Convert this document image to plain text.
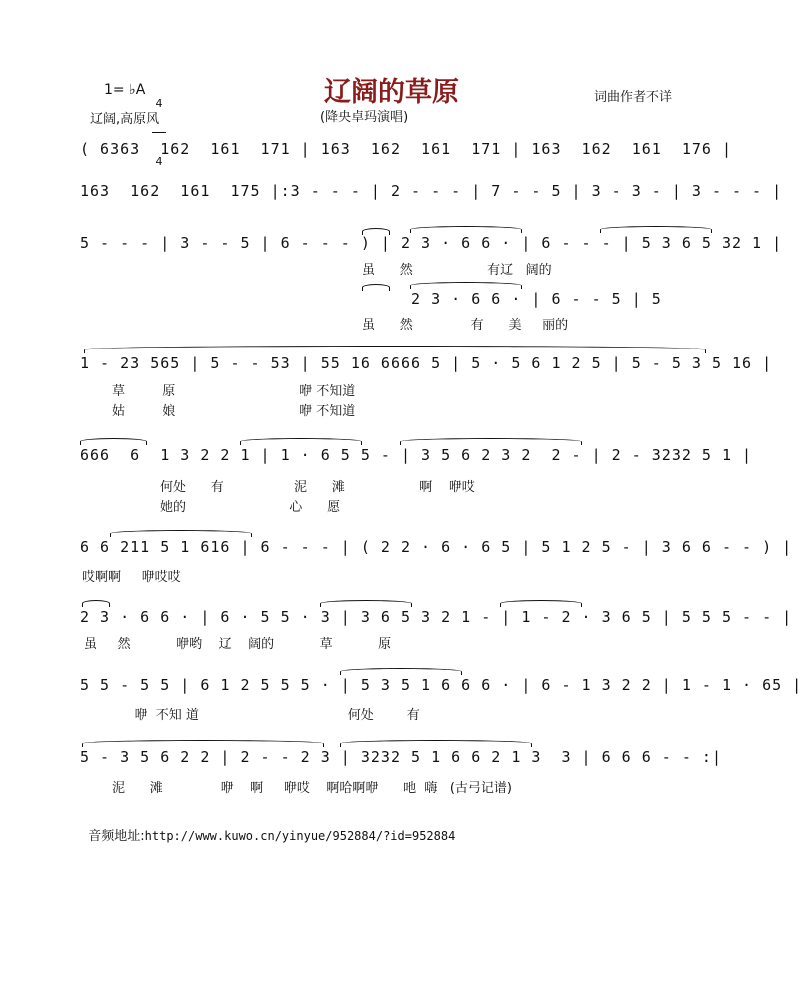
辽阔的草原
(降央卓玛演唱)
1= ♭A

4

4

辽阔,高原风
词曲作者不详
( 6363  162  161  171 | 163  162  161  171 | 163  162  161  176 |
163  162  161  175 |:3 - - - | 2 - - - | 7 - - 5 | 3 - 3 - | 3 - - - |
5 - - - | 3 - - 5 | 6 - - - ) | 2 3 · 6 6 · | 6 - - - | 5 3 6 5 32 1 |
虽      然                  有辽   阔的
2 3 · 6 6 · | 6 - - 5 | 5
虽      然              有      美     丽的
1 - 23 565 | 5 - - 53 | 55 16 6666 5 | 5 · 5 6 1 2 5 | 5 - 5 3 5 16 |
草         原                              咿 不知道
姑         娘                              咿 不知道
666  6  1 3 2 2 1 | 1 · 6 5 5 - | 3 5 6 2 3 2  2 - | 2 - 3232 5 1 |
何处      有                 泥      滩                  啊    咿哎
她的                         心      愿
6 6 211 5 1 616 | 6 - - - | ( 2 2 · 6 · 6 5 | 5 1 2 5 - | 3 6 6 - - ) |
哎啊啊     咿哎哎
2 3 · 6 6 · | 6 · 5 5 · 3 | 3 6 5 3 2 1 - | 1 - 2 · 3 6 5 | 5 5 5 - - |
虽     然           咿哟    辽    阔的           草           原
5 5 - 5 5 | 6 1 2 5 5 5 · | 5 3 5 1 6 6 6 · | 6 - 1 3 2 2 | 1 - 1 · 65 |
咿  不知 道                                    何处        有
5 - 3 5 6 2 2 | 2 - - 2 3 | 3232 5 1 6 6 2 1 3  3 | 6 6 6 - - :|
泥      滩              咿    啊     咿哎    啊哈啊咿      吔  嗨   (古弓记谱)

音频地址:http://www.kuwo.cn/yinyue/952884/?id=952884
